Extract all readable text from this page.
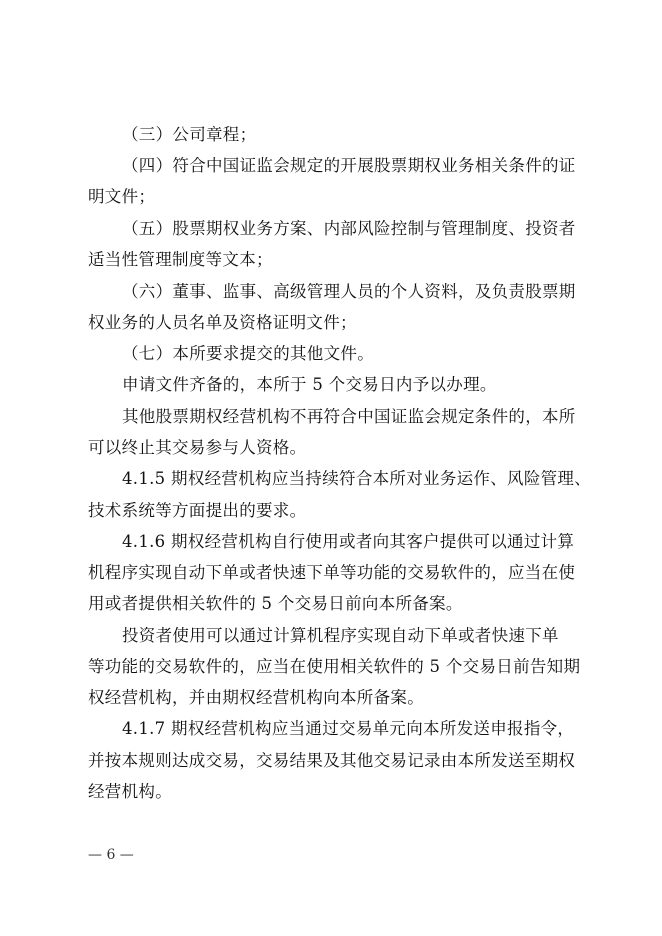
（三）公司章程；
（四）符合中国证监会规定的开展股票期权业务相关条件的证
明文件；
（五）股票期权业务方案、内部风险控制与管理制度、投资者
适当性管理制度等文本；
（六）董事、监事、高级管理人员的个人资料，及负责股票期
权业务的人员名单及资格证明文件；
（七）本所要求提交的其他文件。
申请文件齐备的，本所于 5 个交易日内予以办理。
其他股票期权经营机构不再符合中国证监会规定条件的，本所
可以终止其交易参与人资格。
4.1.5 期权经营机构应当持续符合本所对业务运作、风险管理、
技术系统等方面提出的要求。
4.1.6 期权经营机构自行使用或者向其客户提供可以通过计算
机程序实现自动下单或者快速下单等功能的交易软件的，应当在使
用或者提供相关软件的 5 个交易日前向本所备案。
投资者使用可以通过计算机程序实现自动下单或者快速下单
等功能的交易软件的，应当在使用相关软件的 5 个交易日前告知期
权经营机构，并由期权经营机构向本所备案。
4.1.7 期权经营机构应当通过交易单元向本所发送申报指令，
并按本规则达成交易，交易结果及其他交易记录由本所发送至期权
经营机构。
— 6 —
